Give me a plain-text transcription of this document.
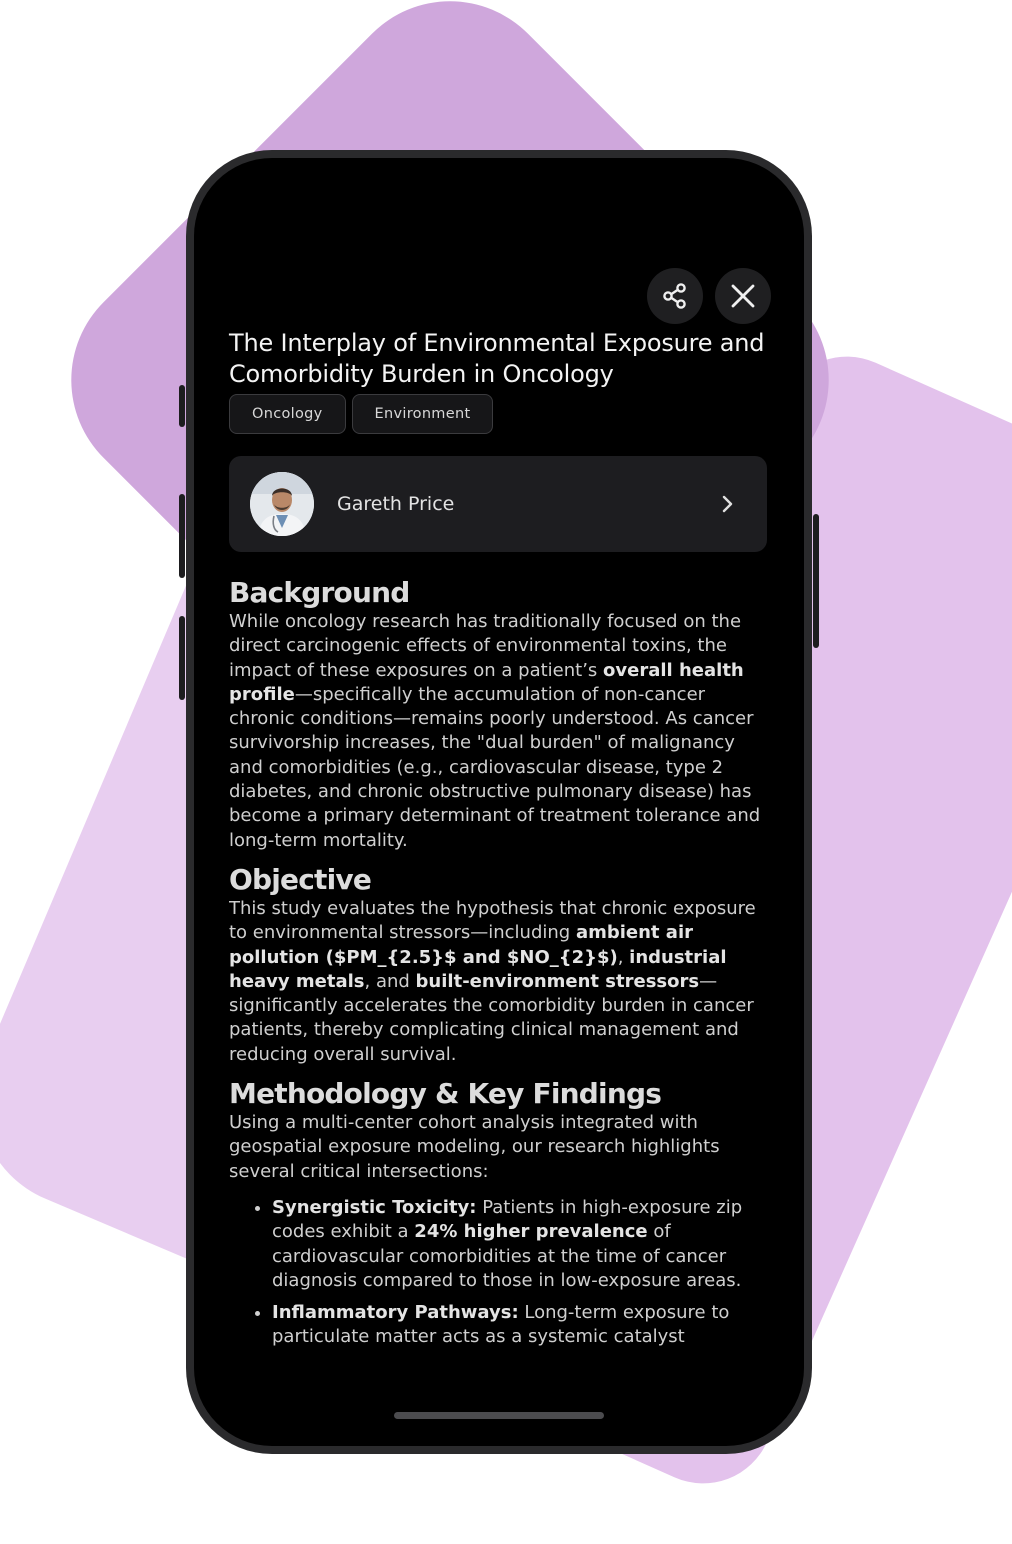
The Interplay of Environmental Exposure and Comorbidity Burden in Oncology
Oncology	Environment
Gareth Price
Background

While oncology research has traditionally focused on the direct carcinogenic effects of environmental toxins, the impact of these exposures on a patient’s overall health profile—specifically the accumulation of non-cancer chronic conditions—remains poorly understood. As cancer survivorship increases, the "dual burden" of malignancy and comorbidities (e.g., cardiovascular disease, type 2 diabetes, and chronic obstructive pulmonary disease) has become a primary determinant of treatment tolerance and long-term mortality.

Objective

This study evaluates the hypothesis that chronic exposure to environmental stressors—including ambient air pollution ($PM_{2.5}$ and $NO_{2}$), industrial heavy metals, and built-environment stressors—significantly accelerates the comorbidity burden in cancer patients, thereby complicating clinical management and reducing overall survival.

Methodology & Key Findings

Using a multi-center cohort analysis integrated with geospatial exposure modeling, our research highlights several critical intersections:

• Synergistic Toxicity: Patients in high-exposure zip codes exhibit a 24% higher prevalence of cardiovascular comorbidities at the time of cancer diagnosis compared to those in low-exposure areas.
• Inflammatory Pathways: Long-term exposure to particulate matter acts as a systemic catalyst
